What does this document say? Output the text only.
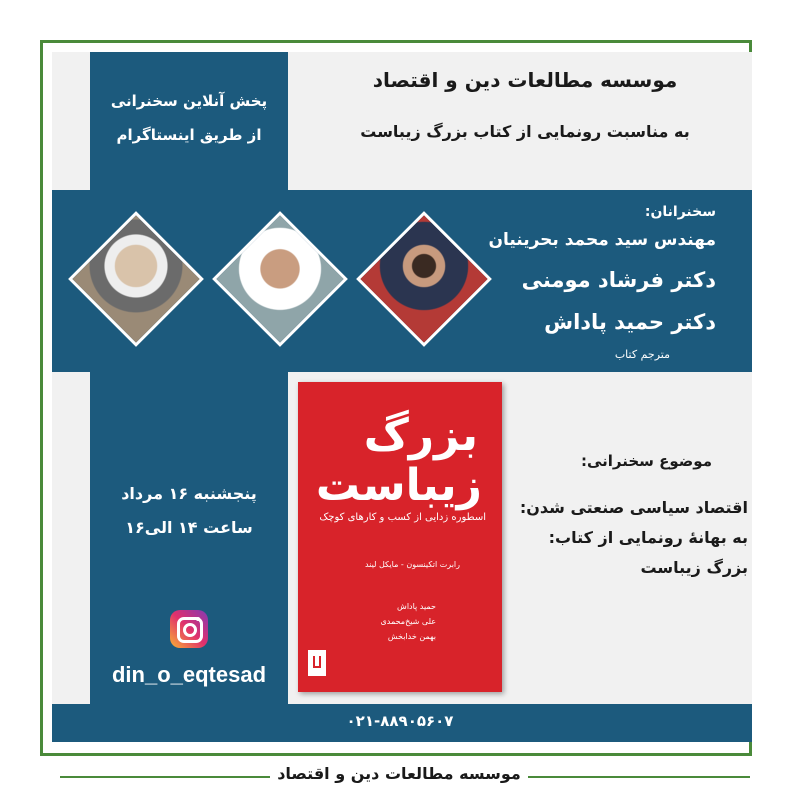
موسسه مطالعات دین و اقتصاد
به مناسبت رونمایی از کتاب بزرگ زیباست
پخش آنلاین سخنرانی
از طریق اینستاگرام
سخنرانان:
مهندس سید محمد بحرینیان
دکتر فرشاد مومنی
دکتر حمید پاداش
مترجم کتاب
پنجشنبه ۱۶ مرداد
ساعت ۱۴ الی۱۶
din_o_eqtesad
بزرگ
زیباست
اسطوره زدایی از کسب و کارهای کوچک
رابرت اتکینسون - مایکل لیند
حمید پاداش
علی شیخ‌محمدی
بهمن خدابخش
موضوع سخنرانی:
اقتصاد سیاسی صنعتی شدن:
به بهانۀ رونمایی از کتاب:
بزرگ زیباست
۰۲۱-۸۸۹۰۵۶۰۷
موسسه مطالعات دین و اقتصاد
